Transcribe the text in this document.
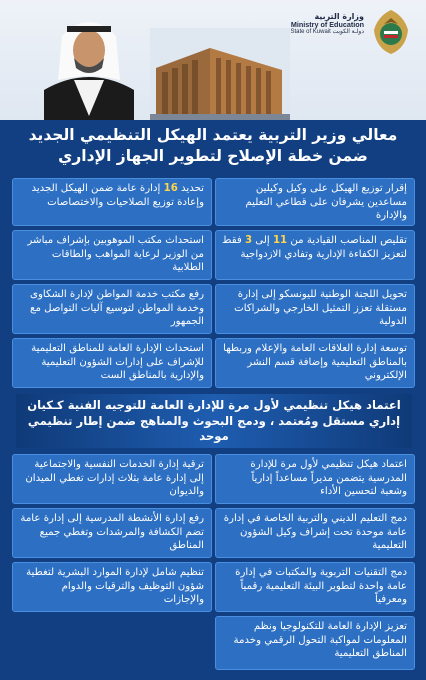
وزارة التربية
Ministry of Education
State of Kuwait دولـة الكويت
معالي وزير التربية يعتمد الهيكل التنظيمي الجديد
ضمن خطة الإصلاح لتطوير الجهاز الإداري
إقرار توزيع الهيكل على وكيل وكيلين مساعدين يشرفان على قطاعي التعليم والإدارة
تقليص المناصب القيادية من 11 إلى 3 فقط لتعزيز الكفاءة الإدارية وتفادي الازدواجية
تحويل اللجنة الوطنية لليونسكو إلى إدارة مستقلة تعزز التمثيل الخارجي والشراكات الدولية
توسعة إدارة العلاقات العامة والإعلام وربطها بالمناطق التعليمية وإضافة قسم النشر الإلكتروني
اعتماد هيكل تنظيمي لأول مرة للإدارة المدرسية يتضمن مديراً مساعداً إدارياً وشعبة لتحسين الأداء
دمج التعليم الديني والتربية الخاصة في إدارة عامة موحدة تحت إشراف وكيل الشؤون التعليمية
دمج التقنيات التربوية والمكتبات في إدارة عامة واحدة لتطوير البيئة التعليمية رقمياً ومعرفياً
تعزيز الإدارة العامة للتكنولوجيا ونظم المعلومات لمواكبة التحول الرقمي وخدمة المناطق التعليمية
تحديد 16 إدارة عامة ضمن الهيكل الجديد وإعادة توزيع الصلاحيات والاختصاصات
استحداث مكتب الموهوبين بإشراف مباشر من الوزير لرعاية المواهب والطاقات الطلابية
رفع مكتب خدمة المواطن لإدارة الشكاوى وخدمة المواطن لتوسيع آليات التواصل مع الجمهور
استحداث الإدارة العامة للمناطق التعليمية للإشراف على إدارات الشؤون التعليمية والإدارية بالمناطق الست
ترقية إدارة الخدمات النفسية والاجتماعية إلى إدارة عامة بثلاث إدارات تغطي الميدان والديوان
رفع إدارة الأنشطة المدرسية إلى إدارة عامة تضم الكشافة والمرشدات وتغطي جميع المناطق
تنظيم شامل لإدارة الموارد البشرية لتغطية شؤون التوظيف والترقيات والدوام والإجازات
اعتماد هيكل تنظيمي لأول مرة للإدارة العامة للتوجيه الفنية كـكيان إداري مستقل ومُعتمد ، ودمج البحوث والمناهج ضمن إطار تنظيمي موحد
